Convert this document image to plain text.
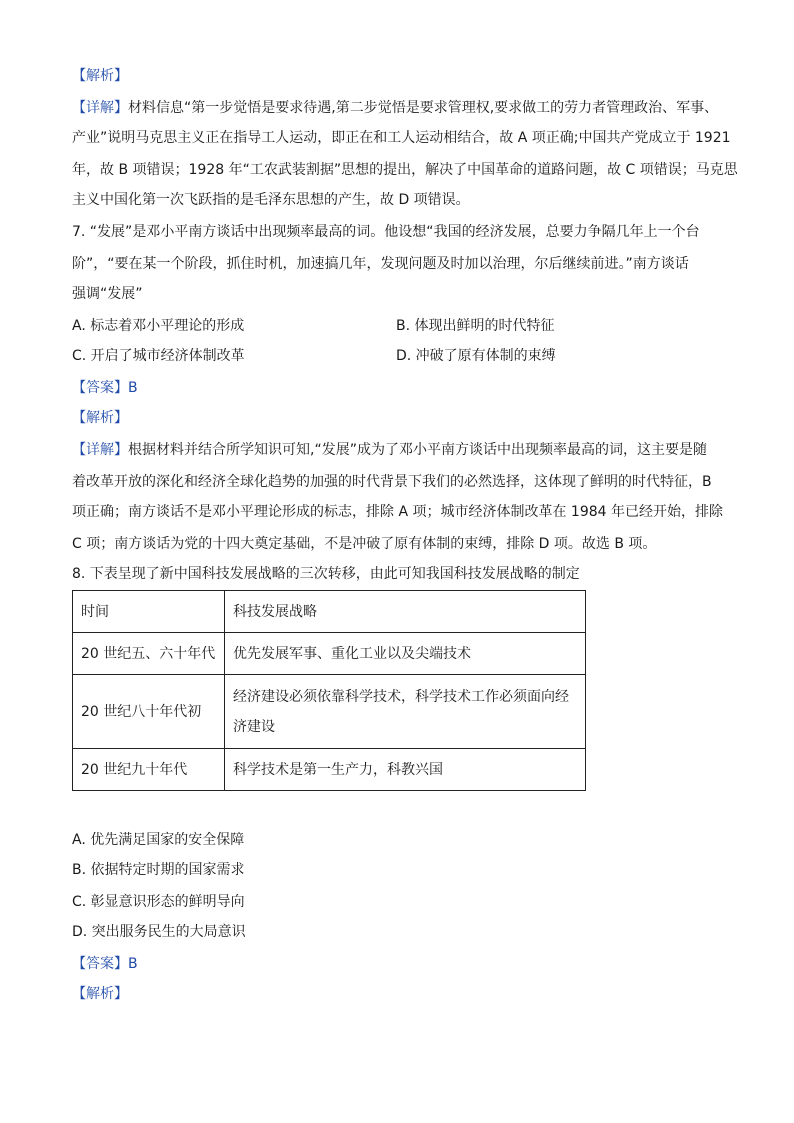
【解析】
【详解】材料信息“第一步觉悟是要求待遇,第二步觉悟是要求管理权,要求做工的劳力者管理政治、军事、
产业”说明马克思主义正在指导工人运动，即正在和工人运动相结合，故 A 项正确;中国共产党成立于 1921
年，故 B 项错误；1928 年“工农武装割据”思想的提出，解决了中国革命的道路问题，故 C 项错误；马克思
主义中国化第一次飞跃指的是毛泽东思想的产生，故 D 项错误。
7. “发展”是邓小平南方谈话中出现频率最高的词。他设想“我国的经济发展，总要力争隔几年上一个台
阶”，“要在某一个阶段，抓住时机，加速搞几年，发现问题及时加以治理，尔后继续前进。”南方谈话
强调“发展”
A. 标志着邓小平理论的形成	B. 体现出鲜明的时代特征
C. 开启了城市经济体制改革	D. 冲破了原有体制的束缚
【答案】B
【解析】
【详解】根据材料并结合所学知识可知,“发展”成为了邓小平南方谈话中出现频率最高的词，这主要是随
着改革开放的深化和经济全球化趋势的加强的时代背景下我们的必然选择，这体现了鲜明的时代特征，B
项正确；南方谈话不是邓小平理论形成的标志，排除 A 项；城市经济体制改革在 1984 年已经开始，排除
C 项；南方谈话为党的十四大奠定基础，不是冲破了原有体制的束缚，排除 D 项。故选 B 项。
8. 下表呈现了新中国科技发展战略的三次转移，由此可知我国科技发展战略的制定
时间	科技发展战略
20 世纪五、六十年代	优先发展军事、重化工业以及尖端技术
20 世纪八十年代初	经济建设必须依靠科学技术，科学技术工作必须面向经济建设
20 世纪九十年代	科学技术是第一生产力，科教兴国
A. 优先满足国家的安全保障
B. 依据特定时期的国家需求
C. 彰显意识形态的鲜明导向
D. 突出服务民生的大局意识
【答案】B
【解析】
